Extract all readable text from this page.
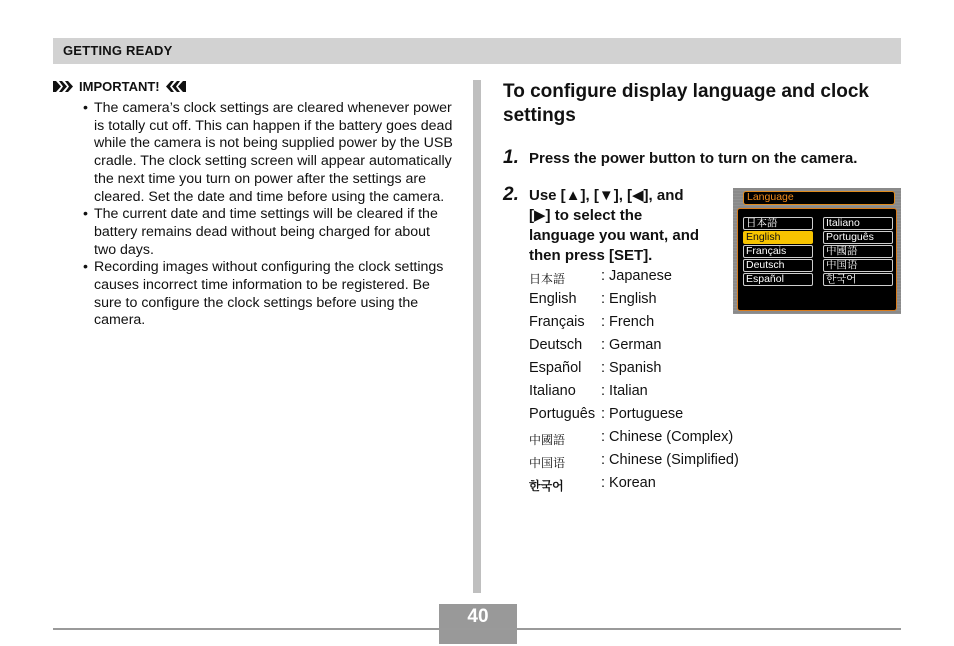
GETTING READY
IMPORTANT!
• The camera’s clock settings are cleared whenever power is totally cut off. This can happen if the battery goes dead while the camera is not being supplied power by the USB cradle. The clock setting screen will appear automatically the next time you turn on power after the settings are cleared. Set the date and time before using the camera.
• The current date and time settings will be cleared if the battery remains dead without being charged for about two days.
• Recording images without configuring the clock settings causes incorrect time information to be registered. Be sure to configure the clock settings before using the camera.
To configure display language and clock settings
1. Press the power button to turn on the camera.
2. Use [▲], [▼], [◀], and [▶] to select the language you want, and then press [SET].
日本語 : Japanese
English : English
Français : French
Deutsch : German
Español : Spanish
Italiano : Italian
Português : Portuguese
中國語 : Chinese (Complex)
中国语 : Chinese (Simplified)
한국어	: Korean
Language
日本語
English
Français
Deutsch
Español
Italiano
Português
中國語
中国语
한국어
40
